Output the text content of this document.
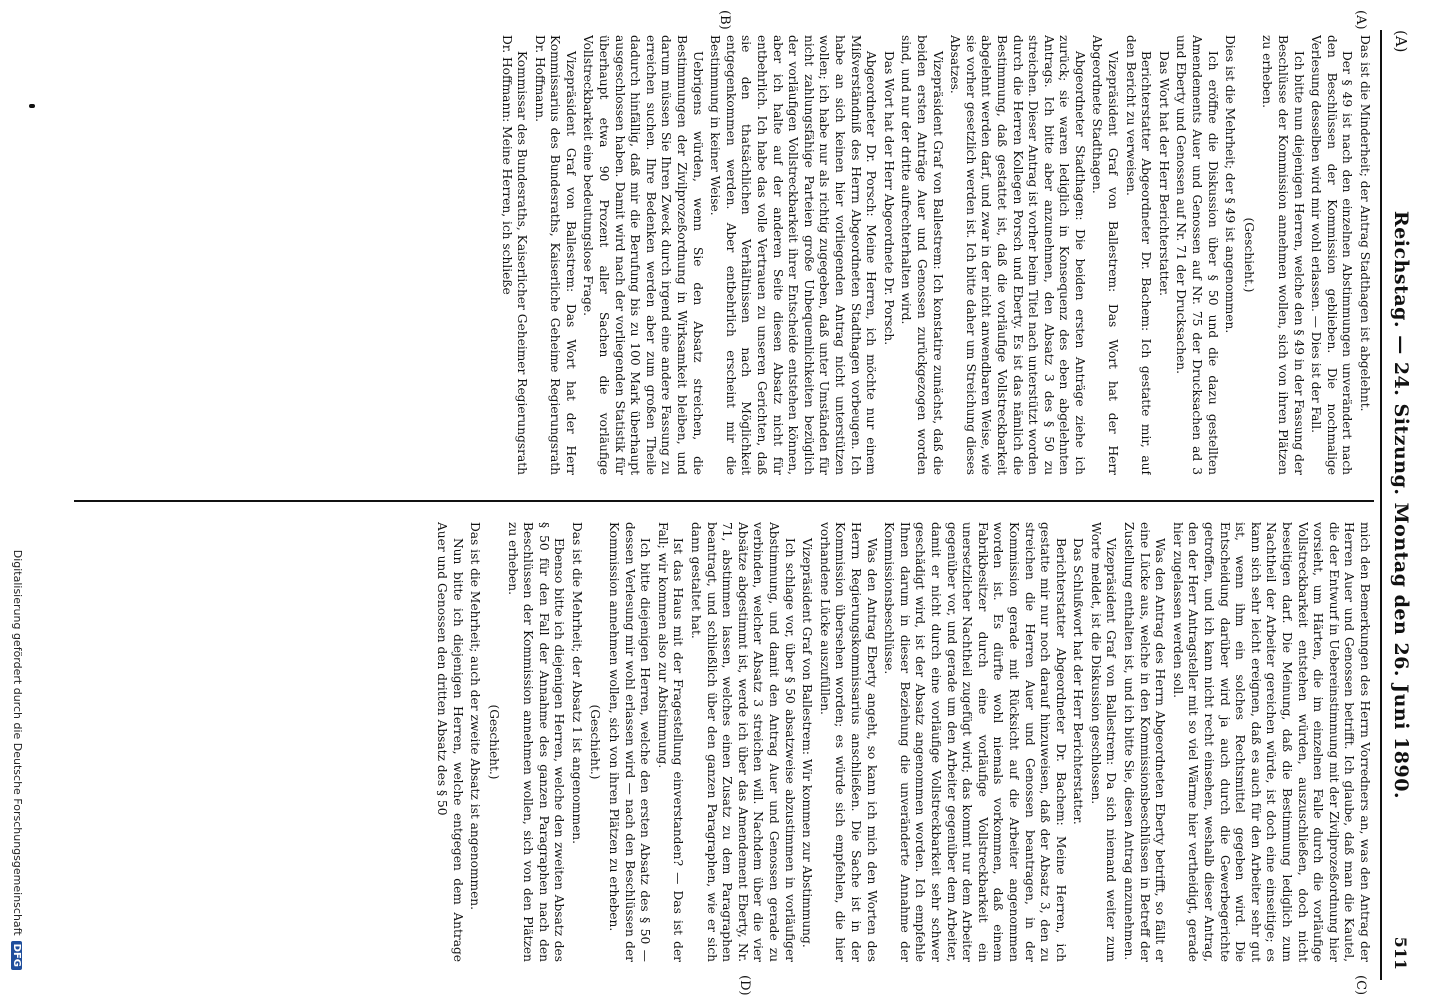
(A)
Reichstag. — 24. Sitzung. Montag den 26. Juni 1890.
511
(A)
(B)
(C)
(D)

Das ist die Minderheit; der Antrag Stadthagen ist abgelehnt.

Der § 49 ist nach den einzelnen Abstimmungen unverändert nach den Beschlüssen der Kommission geblieben. Die nochmalige Verlesung desselben wird mir wohl erlassen. — Dies ist der Fall.

Ich bitte nun diejenigen Herren, welche den § 49 in der Fassung der Beschlüsse der Kommission annehmen wollen, sich von ihren Plätzen zu erheben.

(Geschieht.)

Dies ist die Mehrheit; der § 49 ist angenommen.

Ich eröffne die Diskussion über § 50 und die dazu gestellten Amendements Auer und Genossen auf Nr. 75 der Drucksachen ad 3 und Eberty und Genossen auf Nr. 71 der Drucksachen.

Das Wort hat der Herr Berichterstatter.

Berichterstatter Abgeordneter Dr. Bachem: Ich gestatte mir, auf den Bericht zu verweisen.

Vizepräsident Graf von Ballestrem: Das Wort hat der Herr Abgeordnete Stadthagen.

Abgeordneter Stadthagen: Die beiden ersten Anträge ziehe ich zurück; sie waren lediglich in Konsequenz des eben abgelehnten Antrags. Ich bitte aber anzunehmen, den Absatz 3 des § 50 zu streichen. Dieser Antrag ist vorher beim Titel nach unterstützt worden durch die Herren Kollegen Porsch und Eberty. Es ist das nämlich die Bestimmung, daß gestattet ist, daß die vorläufige Vollstreckbarkeit abgelehnt werden darf, und zwar in der nicht anwendbaren Weise, wie sie vorher gesetzlich werden ist. Ich bitte daher um Streichung dieses Absatzes.

Vizepräsident Graf von Ballestrem: Ich konstatire zunächst, daß die beiden ersten Anträge Auer und Genossen zurückgezogen worden sind, und nur der dritte aufrechterhalten wird.

Das Wort hat der Herr Abgeordnete Dr. Porsch.

Abgeordneter Dr. Porsch: Meine Herren, ich möchte nur einem Mißverständniß des Herrn Abgeordneten Stadthagen vorbeugen. Ich habe an sich keinen hier vorliegenden Antrag nicht unterstützen wollen; ich habe nur als richtig zugegeben, daß unter Umständen für nicht zahlungsfähige Parteien große Unbequemlichkeiten bezüglich der vorläufigen Vollstreckbarkeit ihrer Entscheide entstehen können, aber ich halte auf der anderen Seite diesen Absatz nicht für entbehrlich. Ich habe das volle Vertrauen zu unseren Gerichten, daß sie den thatsächlichen Verhältnissen nach Möglichkeit entgegenkommen werden. Aber entbehrlich erscheint mir die Bestimmung in keiner Weise.

Uebrigens würden, wenn Sie den Absatz streichen, die Bestimmungen der Zivilprozeßordnung in Wirksamkeit bleiben, und darum müssen Sie Ihren Zweck durch irgend eine andere Fassung zu erreichen suchen. Ihre Bedenken werden aber zum großen Theile dadurch hinfällig, daß mir die Berufung bis zu 100 Mark überhaupt ausgeschlossen haben. Damit wird nach der vorliegenden Statistik für überhaupt etwa 90 Prozent aller Sachen die vorläufige Vollstreckbarkeit eine bedeutungslose Frage.

Vizepräsident Graf von Ballestrem: Das Wort hat der Herr Kommissarius des Bundesraths, Kaiserliche Geheime Regierungsrath Dr. Hoffmann.

Kommissar des Bundesraths, Kaiserlicher Geheimer Regierungsrath Dr. Hoffmann: Meine Herren, ich schließe

mich den Bemerkungen des Herrn Vorredners an, was den Antrag der Herren Auer und Genossen betrifft. Ich glaube, daß man die Kautel, die der Entwurf in Uebereinstimmung mit der Zivilprozeßordnung hier vorsieht, um Härten, die im einzelnen Falle durch die vorläufige Vollstreckbarkeit entstehen würden, auszuschließen, doch nicht beseitigen darf. Die Meinung, daß die Bestimmung lediglich zum Nachtheil der Arbeiter gereichen würde, ist doch eine einseitige; es kann sich sehr leicht ereignen, daß es auch für den Arbeiter sehr gut ist, wenn ihm ein solches Rechtsmittel gegeben wird. Die Entscheidung darüber wird ja auch durch die Gewerbegerichte getroffen, und ich kann nicht recht einsehen, weshalb dieser Antrag, den der Herr Antragsteller mit so viel Wärme hier vertheidigt, gerade hier zugelassen werden soll.

Was den Antrag des Herrn Abgeordneten Eberty betrifft, so fällt er eine Lücke aus, welche in den Kommissionsbeschlüssen in Betreff der Zustellung enthalten ist, und ich bitte Sie, diesen Antrag anzunehmen.

Vizepräsident Graf von Ballestrem: Da sich niemand weiter zum Worte meldet, ist die Diskussion geschlossen.

Das Schlußwort hat der Herr Berichterstatter.

Berichterstatter Abgeordneter Dr. Bachem: Meine Herren, ich gestatte mir nur noch darauf hinzuweisen, daß der Absatz 3, den zu streichen die Herren Auer und Genossen beantragen, in der Kommission gerade mit Rücksicht auf die Arbeiter angenommen worden ist. Es dürfte wohl niemals vorkommen, daß einem Fabrikbesitzer durch eine vorläufige Vollstreckbarkeit ein unersetzlicher Nachtheil zugefügt wird; das kommt nur dem Arbeiter gegenüber vor, und gerade um den Arbeiter gegenüber dem Arbeiter, damit er nicht durch eine vorläufige Vollstreckbarkeit sehr schwer geschädigt wird, ist der Absatz angenommen worden. Ich empfehle Ihnen darum in dieser Beziehung die unveränderte Annahme der Kommissionsbeschlüsse.

Was den Antrag Eberty angeht, so kann ich mich den Worten des Herrn Regierungskommissarius anschließen. Die Sache ist in der Kommission übersehen worden; es würde sich empfehlen, die hier vorhandene Lücke auszufüllen.

Vizepräsident Graf von Ballestrem: Wir kommen zur Abstimmung.

Ich schlage vor, über § 50 absatzweise abzustimmen in vorläufiger Abstimmung, und damit den Antrag Auer und Genossen gerade zu verbinden, welcher Absatz 3 streichen will. Nachdem über die vier Absätze abgestimmt ist, werde ich über das Amendement Eberty, Nr. 71, abstimmen lassen, welches einen Zusatz zu dem Paragraphen beantragt, und schließlich über den ganzen Paragraphen, wie er sich dann gestaltet hat.

Ist das Haus mit der Fragestellung einverstanden? — Das ist der Fall; wir kommen also zur Abstimmung.

Ich bitte diejenigen Herren, welche den ersten Absatz des § 50 — dessen Verlesung mir wohl erlassen wird — nach den Beschlüssen der Kommission annehmen wollen, sich von ihren Plätzen zu erheben.

(Geschieht.)

Das ist die Mehrheit; der Absatz 1 ist angenommen.

Ebenso bitte ich diejenigen Herren, welche den zweiten Absatz des § 50 für den Fall der Annahme des ganzen Paragraphen nach den Beschlüssen der Kommission annehmen wollen, sich von den Plätzen zu erheben.

(Geschieht.)

Das ist die Mehrheit; auch der zweite Absatz ist angenommen.

Nun bitte ich diejenigen Herren, welche entgegen dem Antrage Auer und Genossen den dritten Absatz des § 50

Digitalisierung gefördert durch die Deutsche ForschungsgemeinschaftDFG
